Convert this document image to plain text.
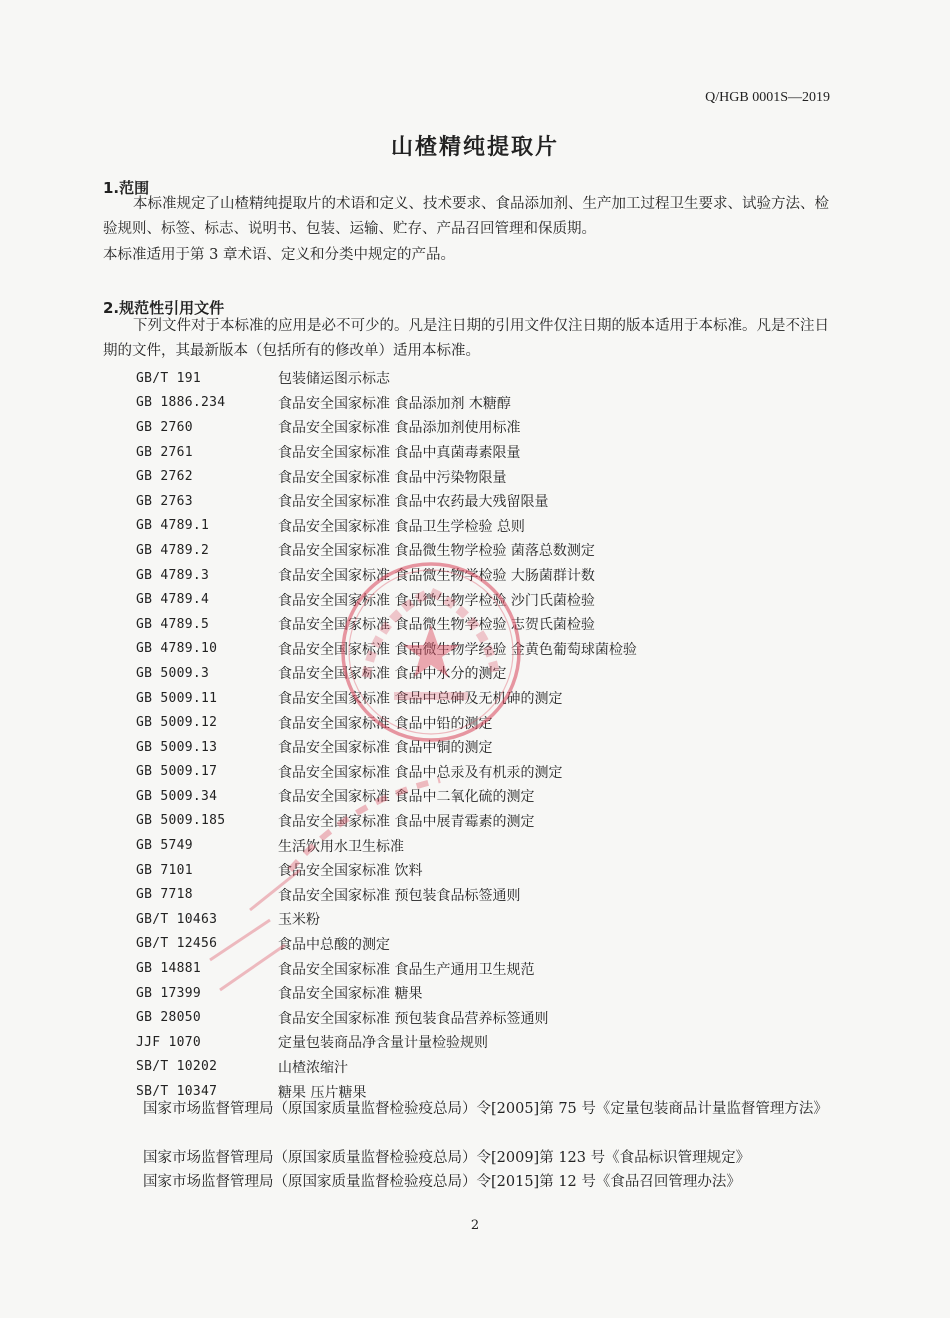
Q/HGB 0001S—2019
山楂精纯提取片
1.范围
本标准规定了山楂精纯提取片的术语和定义、技术要求、食品添加剂、生产加工过程卫生要求、试验方法、检验规则、标签、标志、说明书、包装、运输、贮存、产品召回管理和保质期。
本标准适用于第 3 章术语、定义和分类中规定的产品。
2.规范性引用文件
下列文件对于本标准的应用是必不可少的。凡是注日期的引用文件仅注日期的版本适用于本标准。凡是不注日期的文件，其最新版本（包括所有的修改单）适用本标准。
GB/T 191	包装储运图示标志
GB 1886.234	食品安全国家标准 食品添加剂 木糖醇
GB 2760	食品安全国家标准 食品添加剂使用标准
GB 2761	食品安全国家标准 食品中真菌毒素限量
GB 2762	食品安全国家标准 食品中污染物限量
GB 2763	食品安全国家标准 食品中农药最大残留限量
GB 4789.1	食品安全国家标准 食品卫生学检验 总则
GB 4789.2	食品安全国家标准 食品微生物学检验 菌落总数测定
GB 4789.3	食品安全国家标准 食品微生物学检验 大肠菌群计数
GB 4789.4	食品安全国家标准 食品微生物学检验 沙门氏菌检验
GB 4789.5	食品安全国家标准 食品微生物学检验 志贺氏菌检验
GB 4789.10	食品安全国家标准 食品微生物学经验 金黄色葡萄球菌检验
GB 5009.3	食品安全国家标准 食品中水分的测定
GB 5009.11	食品安全国家标准 食品中总砷及无机砷的测定
GB 5009.12	食品安全国家标准 食品中铅的测定
GB 5009.13	食品安全国家标准 食品中铜的测定
GB 5009.17	食品安全国家标准 食品中总汞及有机汞的测定
GB 5009.34	食品安全国家标准 食品中二氧化硫的测定
GB 5009.185	食品安全国家标准 食品中展青霉素的测定
GB 5749	生活饮用水卫生标准
GB 7101	食品安全国家标准 饮料
GB 7718	食品安全国家标准 预包装食品标签通则
GB/T 10463	玉米粉
GB/T 12456	食品中总酸的测定
GB 14881	食品安全国家标准 食品生产通用卫生规范
GB 17399	食品安全国家标准 糖果
GB 28050	食品安全国家标准 预包装食品营养标签通则
JJF 1070	定量包装商品净含量计量检验规则
SB/T 10202	山楂浓缩汁
SB/T 10347	糖果 压片糖果
国家市场监督管理局（原国家质量监督检验疫总局）令[2005]第 75 号《定量包装商品计量监督管理方法》
国家市场监督管理局（原国家质量监督检验疫总局）令[2009]第 123 号《食品标识管理规定》
国家市场监督管理局（原国家质量监督检验疫总局）令[2015]第 12 号《食品召回管理办法》
2
